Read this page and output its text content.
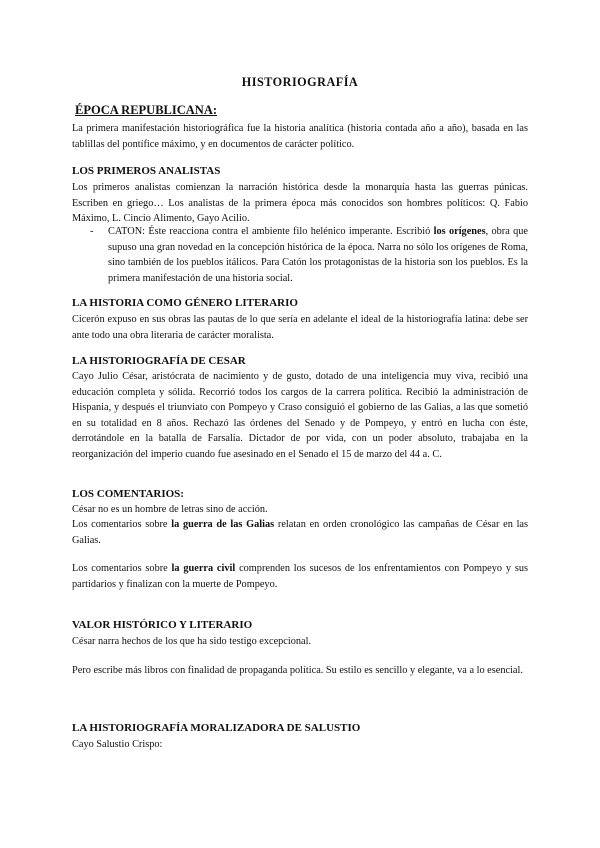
HISTORIOGRAFÍA
ÉPOCA REPUBLICANA:

La primera manifestación historiográfica fue la historia analítica (historia contada año a año), basada en las tablillas del pontífice máximo, y en documentos de carácter político.

LOS PRIMEROS ANALISTAS

Los primeros analistas comienzan la narración histórica desde la monarquía hasta las guerras púnicas. Escriben en griego… Los analistas de la primera época más conocidos son hombres políticos: Q. Fabio Máximo, L. Cincio Alimento, Gayo Acilio.

- CATON: Éste reacciona contra el ambiente filo helénico imperante. Escribió los orígenes, obra que supuso una gran novedad en la concepción histórica de la época. Narra no sólo los orígenes de Roma, sino también de los pueblos itálicos. Para Catón los protagonistas de la historia son los pueblos. Es la primera manifestación de una historia social.

LA HISTORIA COMO GÉNERO LITERARIO

Cicerón expuso en sus obras las pautas de lo que sería en adelante el ideal de la historiografía latina: debe ser ante todo una obra literaria de carácter moralista.

LA HISTORIOGRAFÍA DE CESAR

Cayo Julio César, aristócrata de nacimiento y de gusto, dotado de una inteligencia muy viva, recibió una educación completa y sólida. Recorrió todos los cargos de la carrera política. Recibió la administración de Hispania, y después el triunviato con Pompeyo y Craso consiguió el gobierno de las Galias, a las que sometió en su totalidad en 8 años. Rechazó las órdenes del Senado y de Pompeyo, y entró en lucha con éste, derrotándole en la batalla de Farsalia. Dictador de por vida, con un poder absoluto, trabajaba en la reorganización del imperio cuando fue asesinado en el Senado el 15 de marzo del 44 a. C.

LOS COMENTARIOS:

César no es un hombre de letras sino de acción.

Los comentarios sobre la guerra de las Galias relatan en orden cronológico las campañas de César en las Galias.

Los comentarios sobre la guerra civil comprenden los sucesos de los enfrentamientos con Pompeyo y sus partidarios y finalizan con la muerte de Pompeyo.

VALOR HISTÓRICO Y LITERARIO

César narra hechos de los que ha sido testigo excepcional.

Pero escribe más libros con finalidad de propaganda política. Su estilo es sencillo y elegante, va a lo esencial.

LA HISTORIOGRAFÍA MORALIZADORA DE SALUSTIO

Cayo Salustio Crispo:
